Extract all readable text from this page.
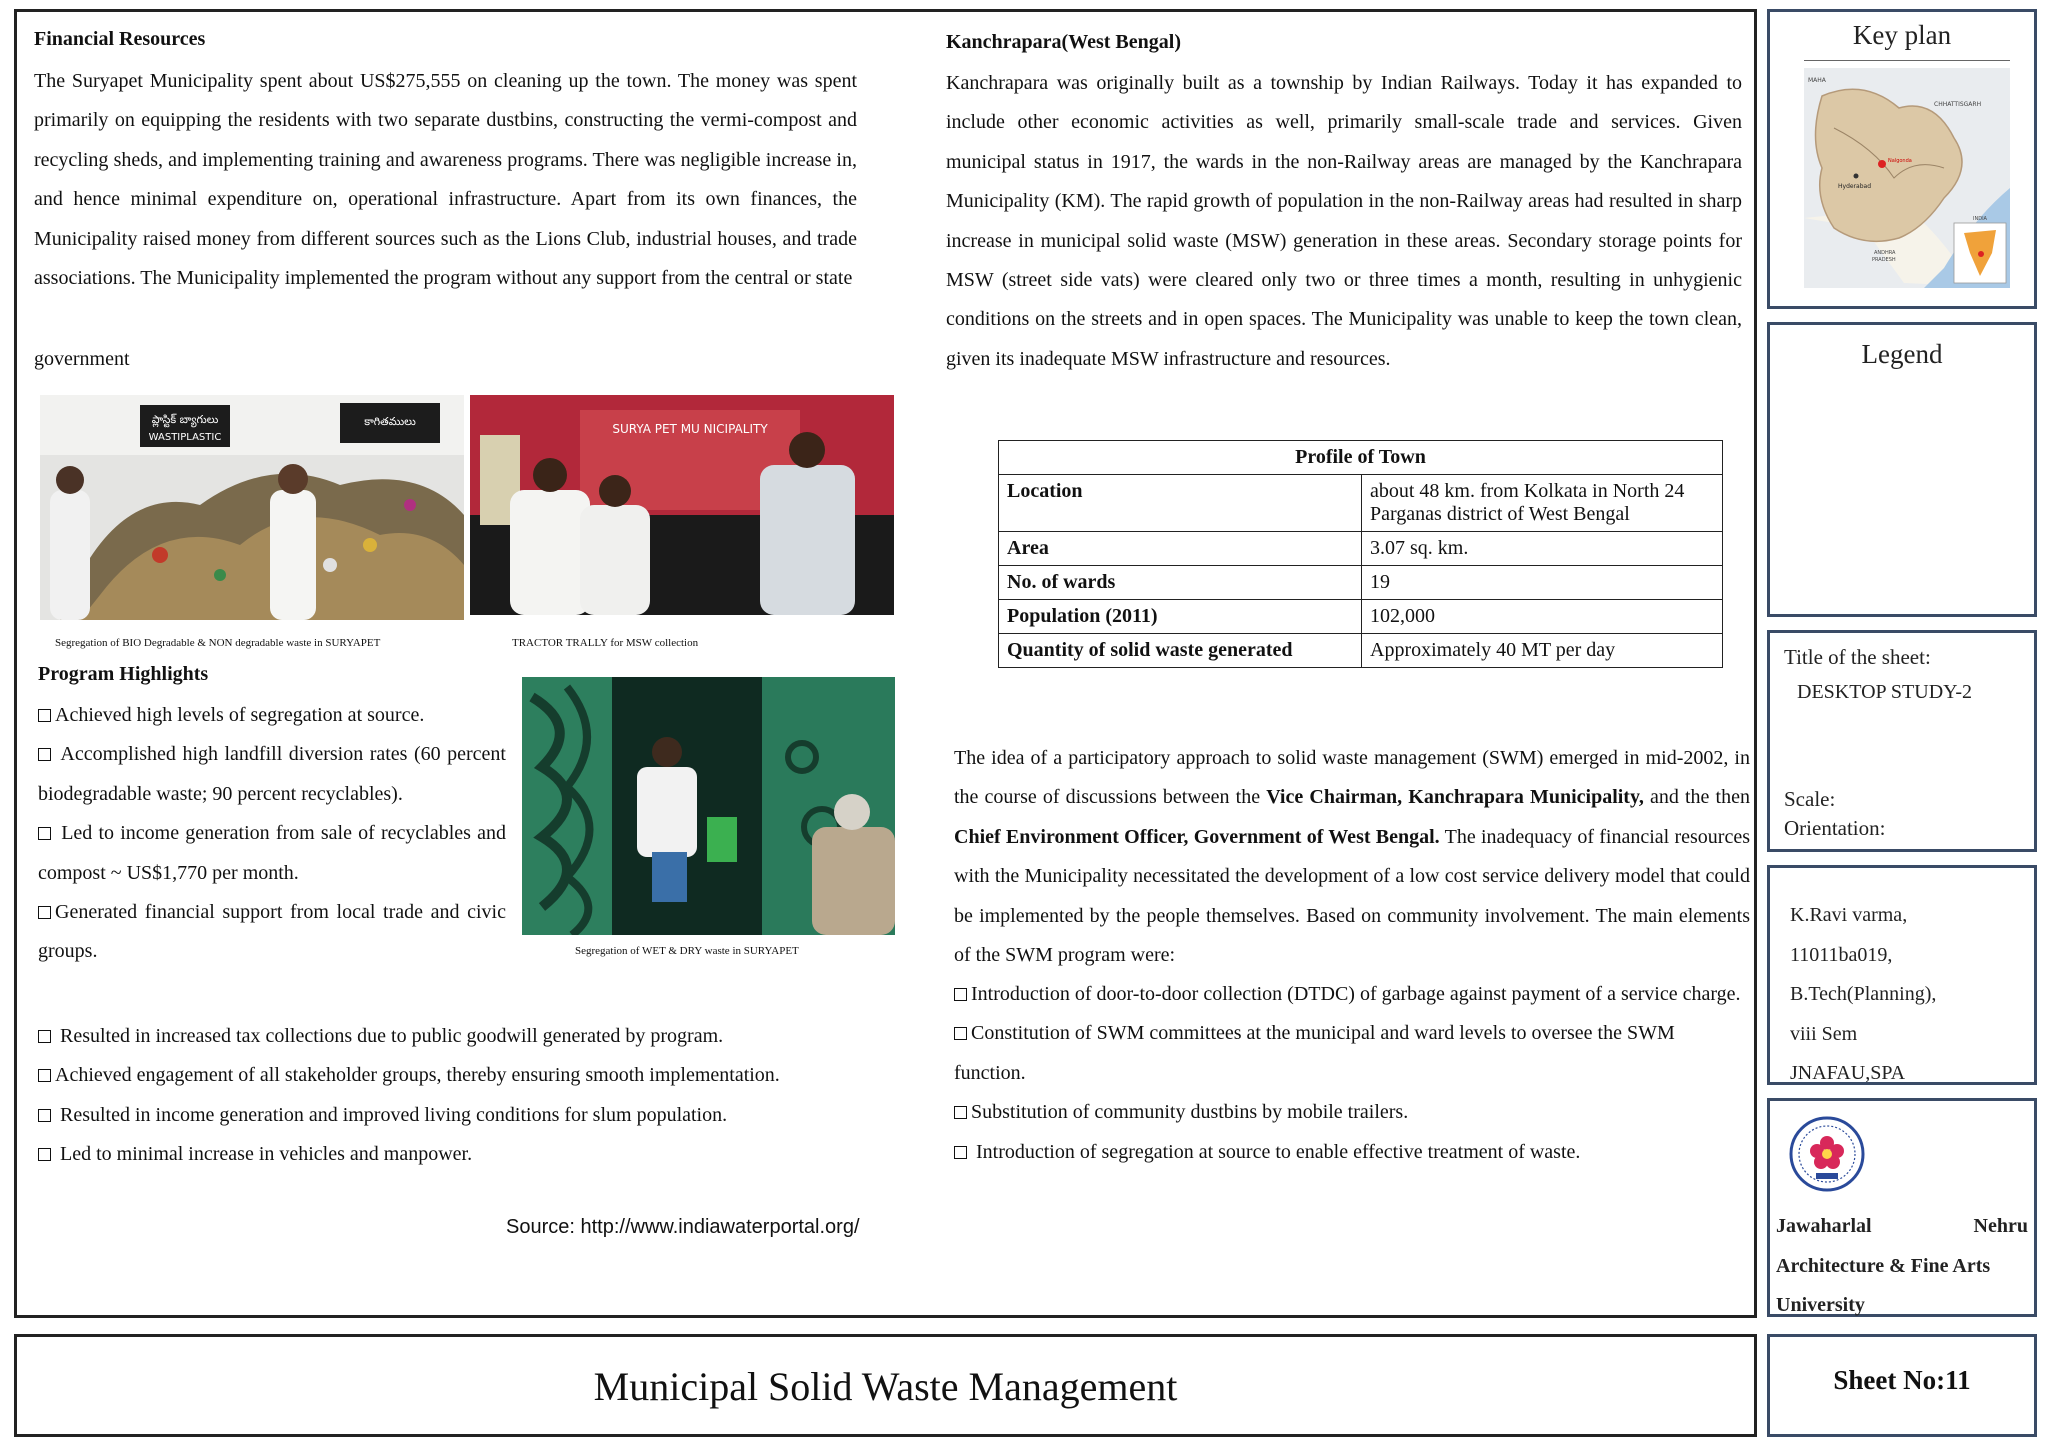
Municipal Solid Waste Management
Financial Resources

The Suryapet Municipality spent about US$275,555 on cleaning up the town. The money was spent primarily on equipping the residents with two separate dustbins, constructing the vermi-compost and recycling sheds, and implementing training and awareness programs. There was negligible increase in, and hence minimal expenditure on, operational infrastructure. Apart from its own finances, the Municipality raised money from different sources such as the Lions Club, industrial houses, and trade associations. The Municipality implemented the program without any support from the central or state

government

ప్లాస్టిక్ బ్యాగులు
WASTIPLASTIC
కాగితములు
SURYA PET MU NICIPALITY
Segregation of BIO Degradable & NON degradable waste in SURYAPET	TRACTOR TRALLY for MSW collection
Segregation of WET & DRY waste in SURYAPET
Program Highlights
Achieved high levels of segregation at source.
Accomplished high landfill diversion rates (60 percent biodegradable waste; 90 percent recyclables).
Led to income generation from sale of recyclables and compost ~ US$1,770 per month.
Generated financial support from local trade and civic groups.
Resulted in increased tax collections due to public goodwill generated by program.
Achieved engagement of all stakeholder groups, thereby ensuring smooth implementation.
Resulted in income generation and improved living conditions for slum population.
Led to minimal increase in vehicles and manpower.
Source: http://www.indiawaterportal.org/
Kanchrapara(West Bengal)

Kanchrapara was originally built as a township by Indian Railways. Today it has expanded to include other economic activities as well, primarily small-scale trade and services. Given municipal status in 1917, the wards in the non-Railway areas are managed by the Kanchrapara Municipality (KM). The rapid growth of population in the non-Railway areas had resulted in sharp increase in municipal solid waste (MSW) generation in these areas. Secondary storage points for MSW (street side vats) were cleared only two or three times a month, resulting in unhygienic conditions on the streets and in open spaces. The Municipality was unable to keep the town clean, given its inadequate MSW infrastructure and resources.

Profile of Town	
Location	about 48 km. from Kolkata in North 24 Parganas district of West Bengal
Area	3.07 sq. km.
No. of wards	19
Population (2011)	102,000
Quantity of solid waste generated	Approximately 40 MT per day

The idea of a participatory approach to solid waste management (SWM) emerged in mid-2002, in the course of discussions between the Vice Chairman, Kanchrapara Municipality, and the then Chief Environment Officer, Government of West Bengal. The inadequacy of financial resources with the Municipality necessitated the development of a low cost service delivery model that could be implemented by the people themselves. Based on community involvement. The main elements of the SWM program were:

Introduction of door-to-door collection (DTDC) of garbage against payment of a service charge.
Constitution of SWM committees at the municipal and ward levels to oversee the SWM function.
Substitution of community dustbins by mobile trailers.
Introduction of segregation at source to enable effective treatment of waste.
Key plan
MAHA
CHHATTISGARH
Hyderabad
Nalgonda
ANDHRA
PRADESH
INDIA
Legend
Title of the sheet:
DESKTOP STUDY-2
Scale:
Orientation:
K.Ravi varma,
11011ba019,
B.Tech(Planning),
viii Sem
JNAFAU,SPA
Jawaharlal	Nehru
Architecture & Fine Arts
University
Sheet No:11
